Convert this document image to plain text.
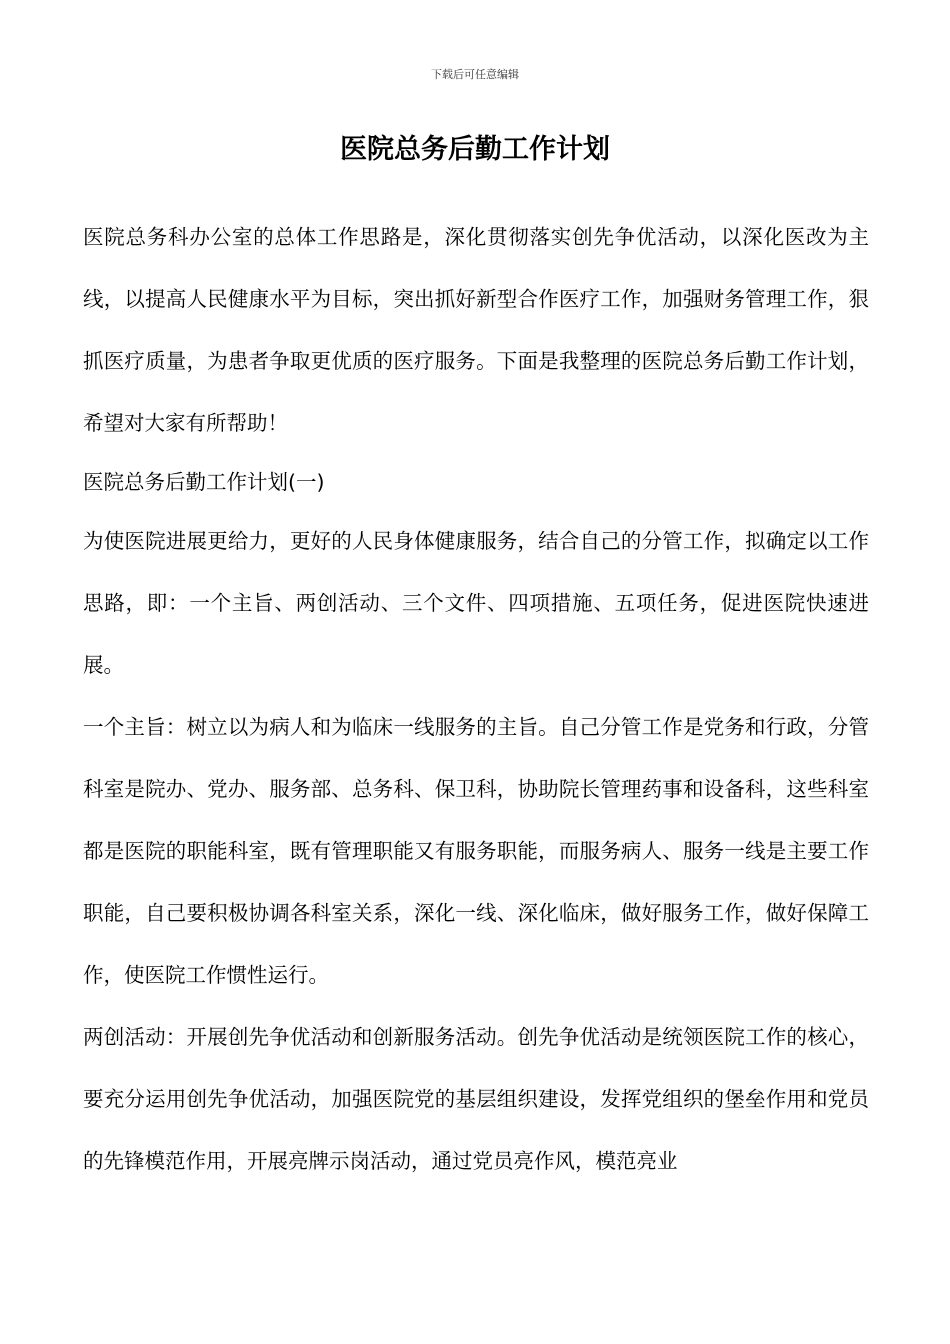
下载后可任意编辑
医院总务后勤工作计划

医院总务科办公室的总体工作思路是，深化贯彻落实创先争优活动，以深化医改为主线，以提高人民健康水平为目标，突出抓好新型合作医疗工作，加强财务管理工作，狠抓医疗质量，为患者争取更优质的医疗服务。下面是我整理的医院总务后勤工作计划，希望对大家有所帮助！

医院总务后勤工作计划(一)

为使医院进展更给力，更好的人民身体健康服务，结合自己的分管工作，拟确定以工作思路，即：一个主旨、两创活动、三个文件、四项措施、五项任务，促进医院快速进展。

一个主旨：树立以为病人和为临床一线服务的主旨。自己分管工作是党务和行政，分管科室是院办、党办、服务部、总务科、保卫科，协助院长管理药事和设备科，这些科室都是医院的职能科室，既有管理职能又有服务职能，而服务病人、服务一线是主要工作职能，自己要积极协调各科室关系，深化一线、深化临床，做好服务工作，做好保障工作，使医院工作惯性运行。

两创活动：开展创先争优活动和创新服务活动。创先争优活动是统领医院工作的核心，要充分运用创先争优活动，加强医院党的基层组织建设，发挥党组织的堡垒作用和党员的先锋模范作用，开展亮牌示岗活动，通过党员亮作风，模范亮业
